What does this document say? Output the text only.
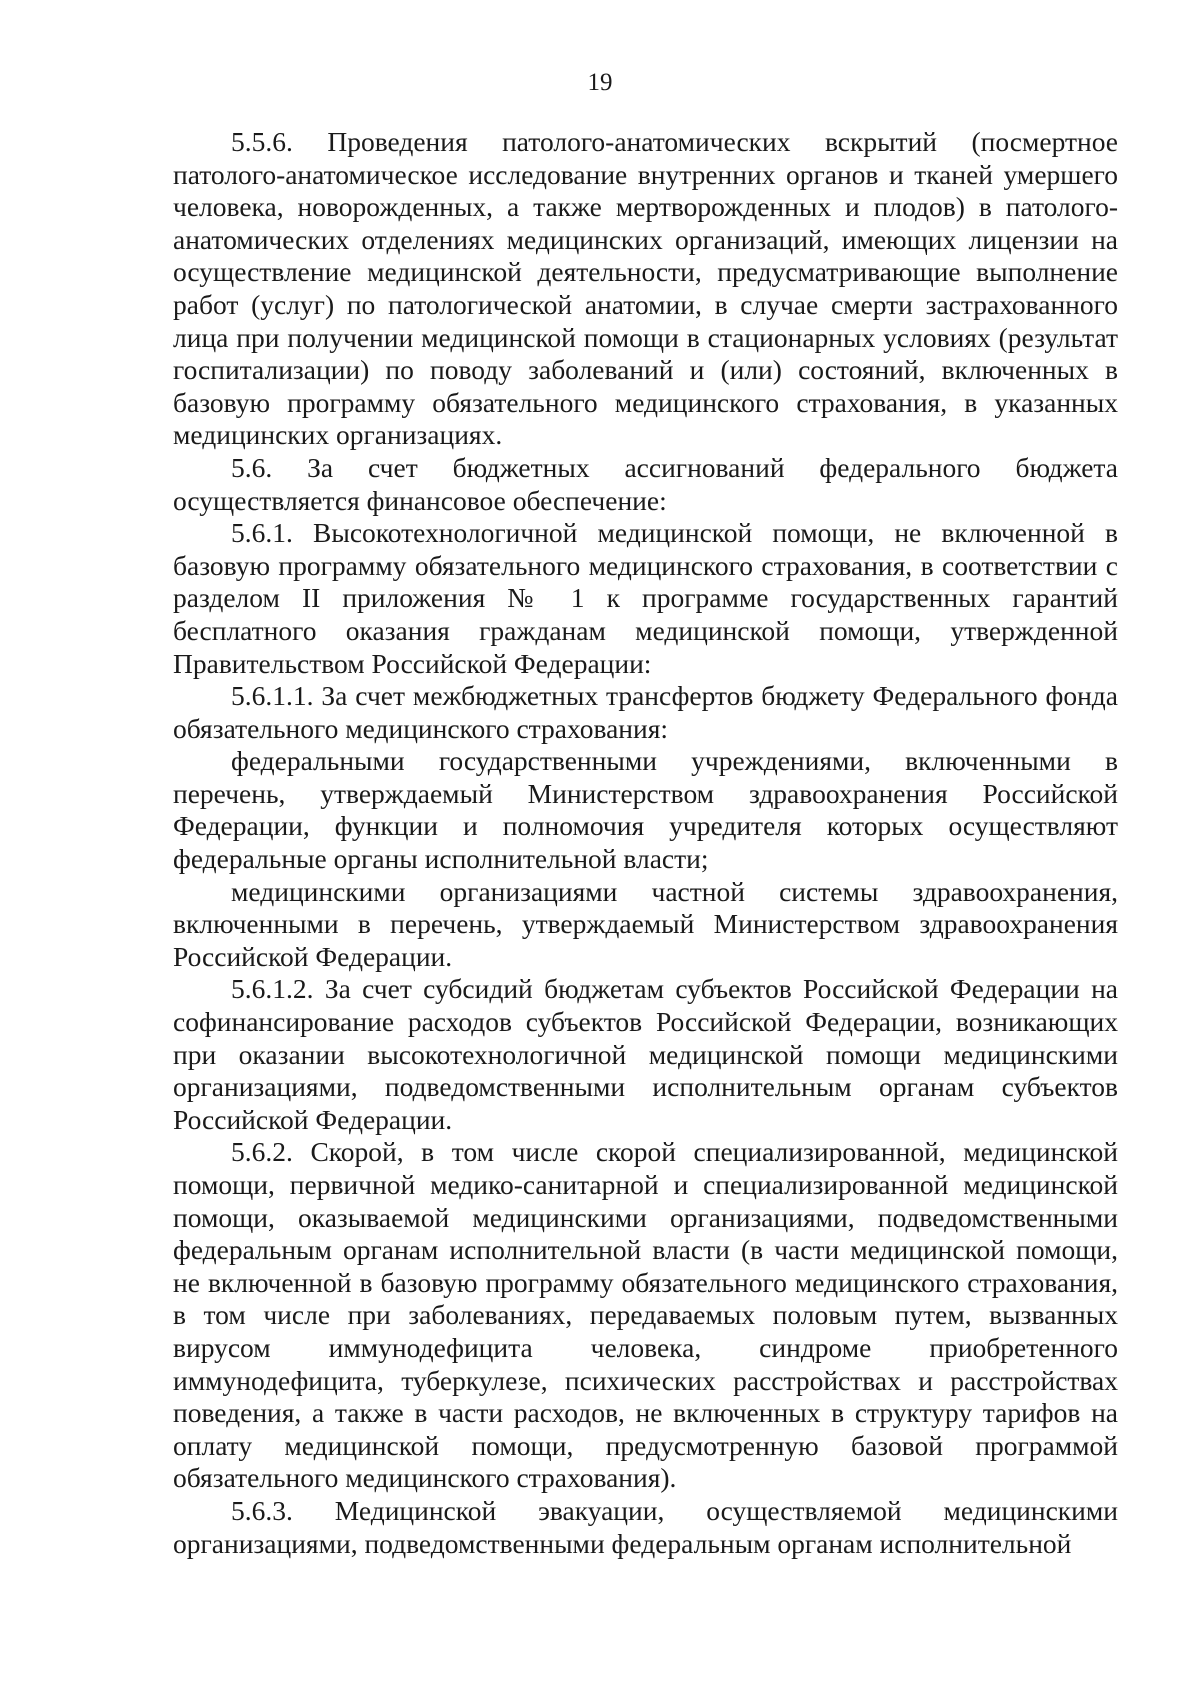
19

5.5.6. Проведения патолого-анатомических вскрытий (посмертное патолого-анатомическое исследование внутренних органов и тканей умершего человека, новорожденных, а также мертворожденных и плодов) в патолого-анатомических отделениях медицинских организаций, имеющих лицензии на осуществление медицинской деятельности, предусматривающие выполнение работ (услуг) по патологической анатомии, в случае смерти застрахованного лица при получении медицинской помощи в стационарных условиях (результат госпитализации) по поводу заболеваний и (или) состояний, включенных в базовую программу обязательного медицинского страхования, в указанных медицинских организациях.

5.6. За счет бюджетных ассигнований федерального бюджета осуществляется финансовое обеспечение:

5.6.1. Высокотехнологичной медицинской помощи, не включенной в базовую программу обязательного медицинского страхования, в соответствии с разделом II приложения № 1 к программе государственных гарантий бесплатного оказания гражданам медицинской помощи, утвержденной Правительством Российской Федерации:

5.6.1.1. За счет межбюджетных трансфертов бюджету Федерального фонда обязательного медицинского страхования:

федеральными государственными учреждениями, включенными в перечень, утверждаемый Министерством здравоохранения Российской Федерации, функции и полномочия учредителя которых осуществляют федеральные органы исполнительной власти;

медицинскими организациями частной системы здравоохранения, включенными в перечень, утверждаемый Министерством здравоохранения Российской Федерации.

5.6.1.2. За счет субсидий бюджетам субъектов Российской Федерации на софинансирование расходов субъектов Российской Федерации, возникающих при оказании высокотехнологичной медицинской помощи медицинскими организациями, подведомственными исполнительным органам субъектов Российской Федерации.

5.6.2. Скорой, в том числе скорой специализированной, медицинской помощи, первичной медико-санитарной и специализированной медицинской помощи, оказываемой медицинскими организациями, подведомственными федеральным органам исполнительной власти (в части медицинской помощи, не включенной в базовую программу обязательного медицинского страхования, в том числе при заболеваниях, передаваемых половым путем, вызванных вирусом иммунодефицита человека, синдроме приобретенного иммунодефицита, туберкулезе, психических расстройствах и расстройствах поведения, а также в части расходов, не включенных в структуру тарифов на оплату медицинской помощи, предусмотренную базовой программой обязательного медицинского страхования).

5.6.3. Медицинской эвакуации, осуществляемой медицинскими организациями, подведомственными федеральным органам исполнительной
